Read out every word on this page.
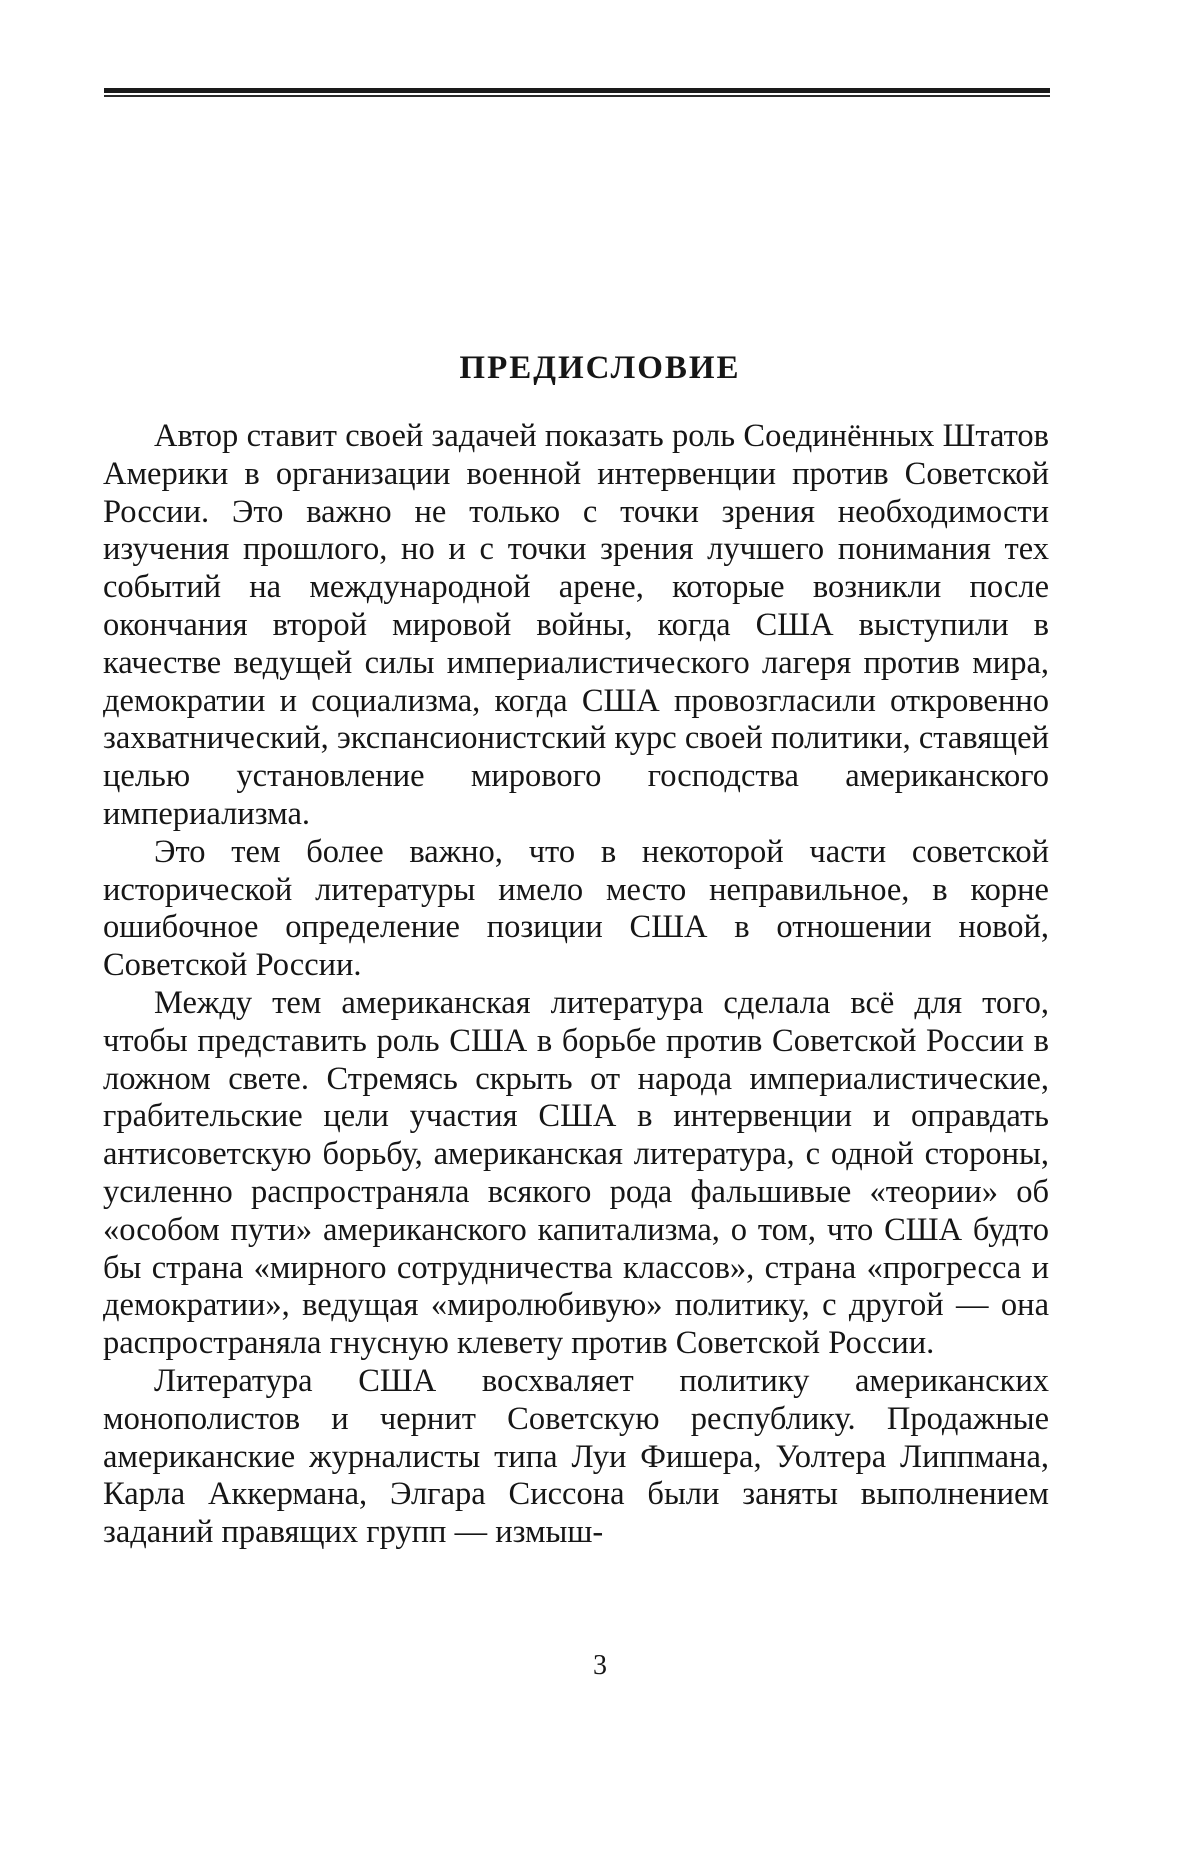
ПРЕДИСЛОВИЕ

Автор ставит своей задачей показать роль Соединённых Штатов Америки в организации военной интервенции против Советской России. Это важно не только с точки зрения необходимости изучения прошлого, но и с точки зрения лучшего понимания тех событий на международной арене, которые возникли после окончания второй мировой войны, когда США выступили в качестве ведущей силы империалистического лагеря против мира, демократии и социализма, когда США провозгласили откровенно захватнический, экспансионистский курс своей политики, ставящей целью установление мирового господства американского империализма.

Это тем более важно, что в некоторой части советской исторической литературы имело место неправильное, в корне ошибочное определение позиции США в отношении новой, Советской России.

Между тем американская литература сделала всё для того, чтобы представить роль США в борьбе против Советской России в ложном свете. Стремясь скрыть от народа империалистические, грабительские цели участия США в интервенции и оправдать антисоветскую борьбу, американская литература, с одной стороны, усиленно распространяла всякого рода фальшивые «теории» об «особом пути» американского капитализма, о том, что США будто бы страна «мирного сотрудничества классов», страна «прогресса и демократии», ведущая «миролюбивую» политику, с другой — она распространяла гнусную клевету против Советской России.

Литература США восхваляет политику американских монополистов и чернит Советскую республику. Продажные американские журналисты типа Луи Фишера, Уолтера Липпмана, Карла Аккермана, Элгара Сиссона были заняты выполнением заданий правящих групп — измыш-

3
